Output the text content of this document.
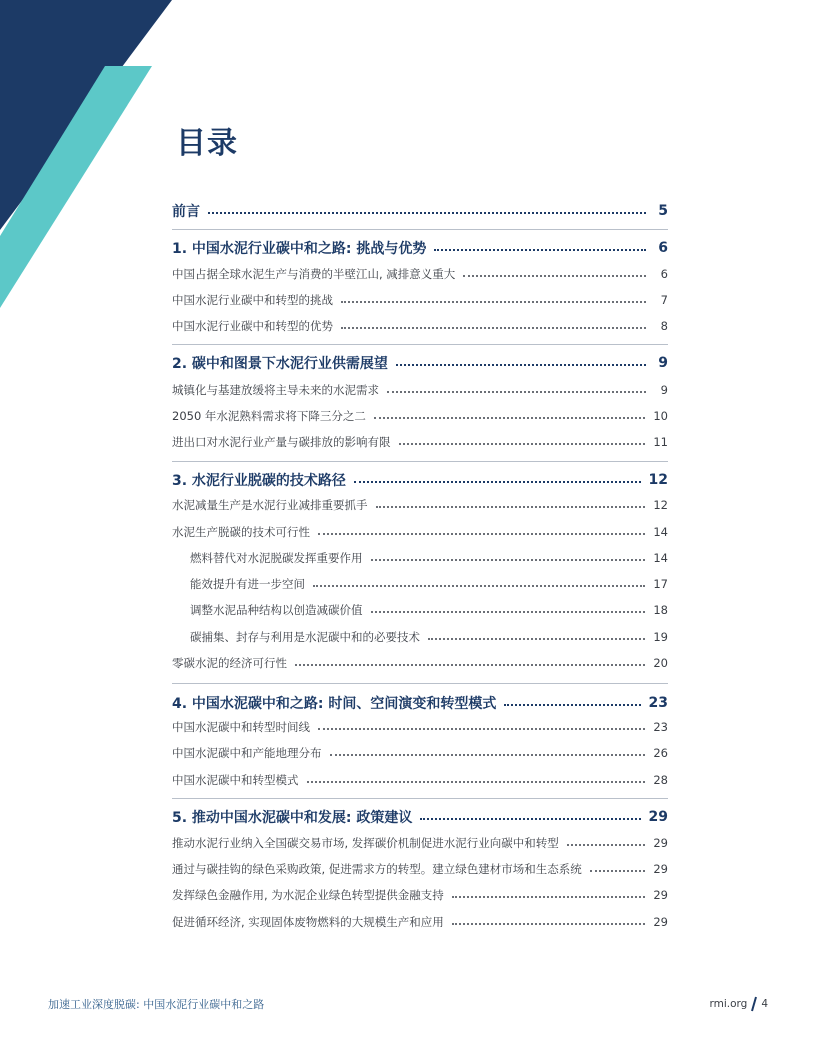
目录
前言	5
1. 中国水泥行业碳中和之路: 挑战与优势	6
中国占据全球水泥生产与消费的半壁江山, 减排意义重大	6
中国水泥行业碳中和转型的挑战	7
中国水泥行业碳中和转型的优势	8
2. 碳中和图景下水泥行业供需展望	9
城镇化与基建放缓将主导未来的水泥需求	9
2050 年水泥熟料需求将下降三分之二	10
进出口对水泥行业产量与碳排放的影响有限	11
3. 水泥行业脱碳的技术路径	12
水泥减量生产是水泥行业减排重要抓手	12
水泥生产脱碳的技术可行性	14
燃料替代对水泥脱碳发挥重要作用	14
能效提升有进一步空间	17
调整水泥品种结构以创造减碳价值	18
碳捕集、封存与利用是水泥碳中和的必要技术	19
零碳水泥的经济可行性	20
4. 中国水泥碳中和之路: 时间、空间演变和转型模式	23
中国水泥碳中和转型时间线	23
中国水泥碳中和产能地理分布	26
中国水泥碳中和转型模式	28
5. 推动中国水泥碳中和发展: 政策建议	29
推动水泥行业纳入全国碳交易市场, 发挥碳价机制促进水泥行业向碳中和转型	29
通过与碳挂钩的绿色采购政策, 促进需求方的转型。建立绿色建材市场和生态系统	29
发挥绿色金融作用, 为水泥企业绿色转型提供金融支持	29
促进循环经济, 实现固体废物燃料的大规模生产和应用	29
加速工业深度脱碳: 中国水泥行业碳中和之路	rmi.org 4
